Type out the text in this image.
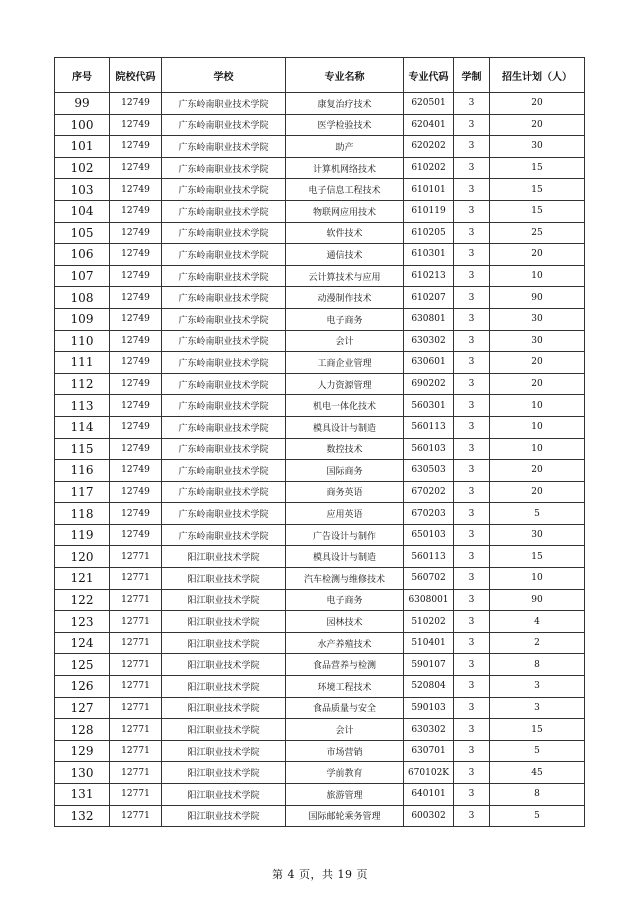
序号	院校代码	学校	专业名称	专业代码	学制	招生计划（人）
99	12749	广东岭南职业技术学院	康复治疗技术	620501	3	20
100	12749	广东岭南职业技术学院	医学检验技术	620401	3	20
101	12749	广东岭南职业技术学院	助产	620202	3	30
102	12749	广东岭南职业技术学院	计算机网络技术	610202	3	15
103	12749	广东岭南职业技术学院	电子信息工程技术	610101	3	15
104	12749	广东岭南职业技术学院	物联网应用技术	610119	3	15
105	12749	广东岭南职业技术学院	软件技术	610205	3	25
106	12749	广东岭南职业技术学院	通信技术	610301	3	20
107	12749	广东岭南职业技术学院	云计算技术与应用	610213	3	10
108	12749	广东岭南职业技术学院	动漫制作技术	610207	3	90
109	12749	广东岭南职业技术学院	电子商务	630801	3	30
110	12749	广东岭南职业技术学院	会计	630302	3	30
111	12749	广东岭南职业技术学院	工商企业管理	630601	3	20
112	12749	广东岭南职业技术学院	人力资源管理	690202	3	20
113	12749	广东岭南职业技术学院	机电一体化技术	560301	3	10
114	12749	广东岭南职业技术学院	模具设计与制造	560113	3	10
115	12749	广东岭南职业技术学院	数控技术	560103	3	10
116	12749	广东岭南职业技术学院	国际商务	630503	3	20
117	12749	广东岭南职业技术学院	商务英语	670202	3	20
118	12749	广东岭南职业技术学院	应用英语	670203	3	5
119	12749	广东岭南职业技术学院	广告设计与制作	650103	3	30
120	12771	阳江职业技术学院	模具设计与制造	560113	3	15
121	12771	阳江职业技术学院	汽车检测与维修技术	560702	3	10
122	12771	阳江职业技术学院	电子商务	6308001	3	90
123	12771	阳江职业技术学院	园林技术	510202	3	4
124	12771	阳江职业技术学院	水产养殖技术	510401	3	2
125	12771	阳江职业技术学院	食品营养与检测	590107	3	8
126	12771	阳江职业技术学院	环境工程技术	520804	3	3
127	12771	阳江职业技术学院	食品质量与安全	590103	3	3
128	12771	阳江职业技术学院	会计	630302	3	15
129	12771	阳江职业技术学院	市场营销	630701	3	5
130	12771	阳江职业技术学院	学前教育	670102K	3	45
131	12771	阳江职业技术学院	旅游管理	640101	3	8
132	12771	阳江职业技术学院	国际邮轮乘务管理	600302	3	5
第 4 页，共 19 页
